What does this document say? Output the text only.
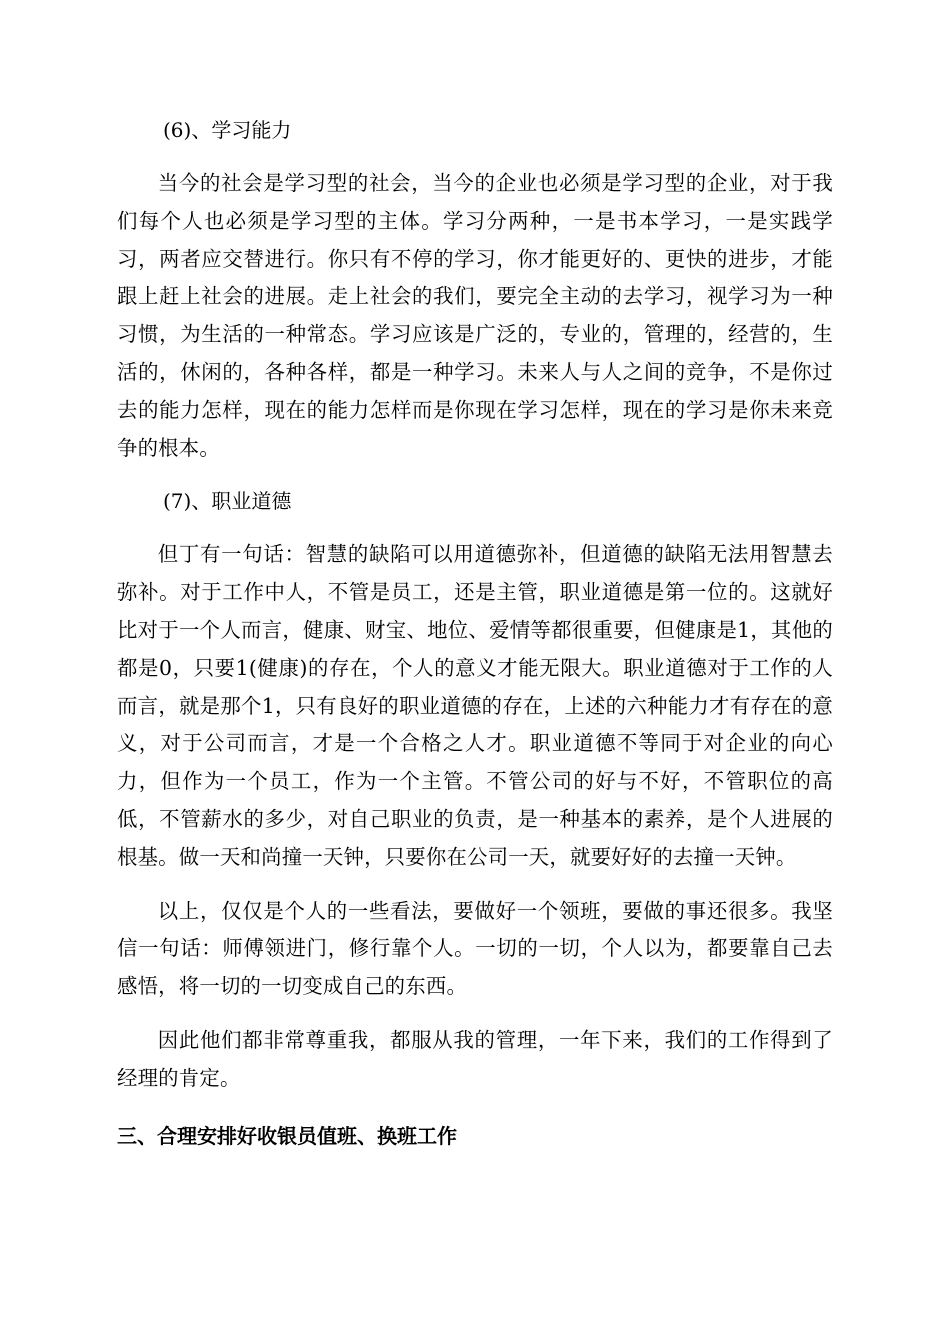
(6)、学习能力

当今的社会是学习型的社会，当今的企业也必须是学习型的企业，对于我们每个人也必须是学习型的主体。学习分两种，一是书本学习，一是实践学习，两者应交替进行。你只有不停的学习，你才能更好的、更快的进步，才能跟上赶上社会的进展。走上社会的我们，要完全主动的去学习，视学习为一种习惯，为生活的一种常态。学习应该是广泛的，专业的，管理的，经营的，生活的，休闲的，各种各样，都是一种学习。未来人与人之间的竞争，不是你过去的能力怎样，现在的能力怎样而是你现在学习怎样，现在的学习是你未来竞争的根本。

(7)、职业道德

但丁有一句话：智慧的缺陷可以用道德弥补，但道德的缺陷无法用智慧去弥补。对于工作中人，不管是员工，还是主管，职业道德是第一位的。这就好比对于一个人而言，健康、财宝、地位、爱情等都很重要，但健康是1，其他的都是0，只要1(健康)的存在，个人的意义才能无限大。职业道德对于工作的人而言，就是那个1，只有良好的职业道德的存在，上述的六种能力才有存在的意义，对于公司而言，才是一个合格之人才。职业道德不等同于对企业的向心力，但作为一个员工，作为一个主管。不管公司的好与不好，不管职位的高低，不管薪水的多少，对自己职业的负责，是一种基本的素养，是个人进展的根基。做一天和尚撞一天钟，只要你在公司一天，就要好好的去撞一天钟。

以上，仅仅是个人的一些看法，要做好一个领班，要做的事还很多。我坚信一句话：师傅领进门，修行靠个人。一切的一切，个人以为，都要靠自己去感悟，将一切的一切变成自己的东西。

因此他们都非常尊重我，都服从我的管理，一年下来，我们的工作得到了经理的肯定。

三、合理安排好收银员值班、换班工作
